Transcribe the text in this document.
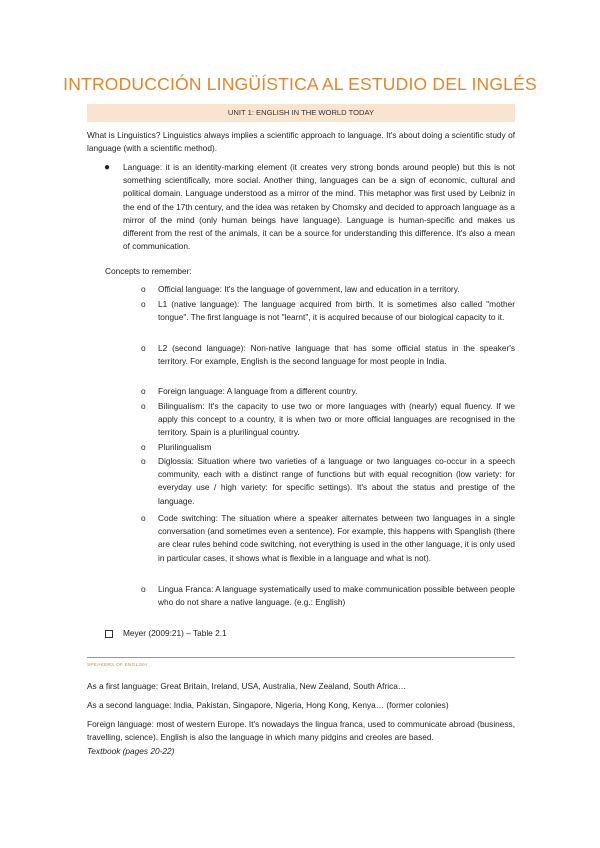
INTRODUCCIÓN LINGÜÍSTICA AL ESTUDIO DEL INGLÉS
UNIT 1: ENGLISH IN THE WORLD TODAY
What is Linguistics? Linguistics always implies a scientific approach to language. It's about doing a scientific study of language (with a scientific method).
● Language: it is an identity-marking element (it creates very strong bonds around people) but this is not something scientifically, more social. Another thing, languages can be a sign of economic, cultural and political domain. Language understood as a mirror of the mind. This metaphor was first used by Leibniz in the end of the 17th century, and the idea was retaken by Chomsky and decided to approach language as a mirror of the mind (only human beings have language). Language is human-specific and makes us different from the rest of the animals, it can be a source for understanding this difference. It's also a mean of communication.
Concepts to remember:
o Official language: It's the language of government, law and education in a territory.
o L1 (native language): The language acquired from birth. It is sometimes also called "mother tongue". The first language is not "learnt", it is acquired because of our biological capacity to it.
o L2 (second language): Non-native language that has some official status in the speaker's territory. For example, English is the second language for most people in India.
o Foreign language: A language from a different country.
o Bilingualism: It's the capacity to use two or more languages with (nearly) equal fluency. If we apply this concept to a country, it is when two or more official languages are recognised in the territory. Spain is a plurilingual country.
o Plurilingualism
o Diglossia: Situation where two varieties of a language or two languages co-occur in a speech community, each with a distinct range of functions but with equal recognition (low variety: for everyday use / high variety: for specific settings). It's about the status and prestige of the language.
o Code switching: The situation where a speaker alternates between two languages in a single conversation (and sometimes even a sentence). For example, this happens with Spanglish (there are clear rules behind code switching, not everything is used in the other language, it is only used in particular cases, it shows what is flexible in a language and what is not).
o Lingua Franca: A language systematically used to make communication possible between people who do not share a native language. (e.g.: English)
Meyer (2009:21) – Table 2.1
SPEAKERS OF ENGLISH
As a first language: Great Britain, Ireland, USA, Australia, New Zealand, South Africa…
As a second language: India, Pakistan, Singapore, Nigeria, Hong Kong, Kenya… (former colonies)
Foreign language: most of western Europe. It's nowadays the lingua franca, used to communicate abroad (business, travelling, science). English is also the language in which many pidgins and creoles are based.
Textbook (pages 20-22)
